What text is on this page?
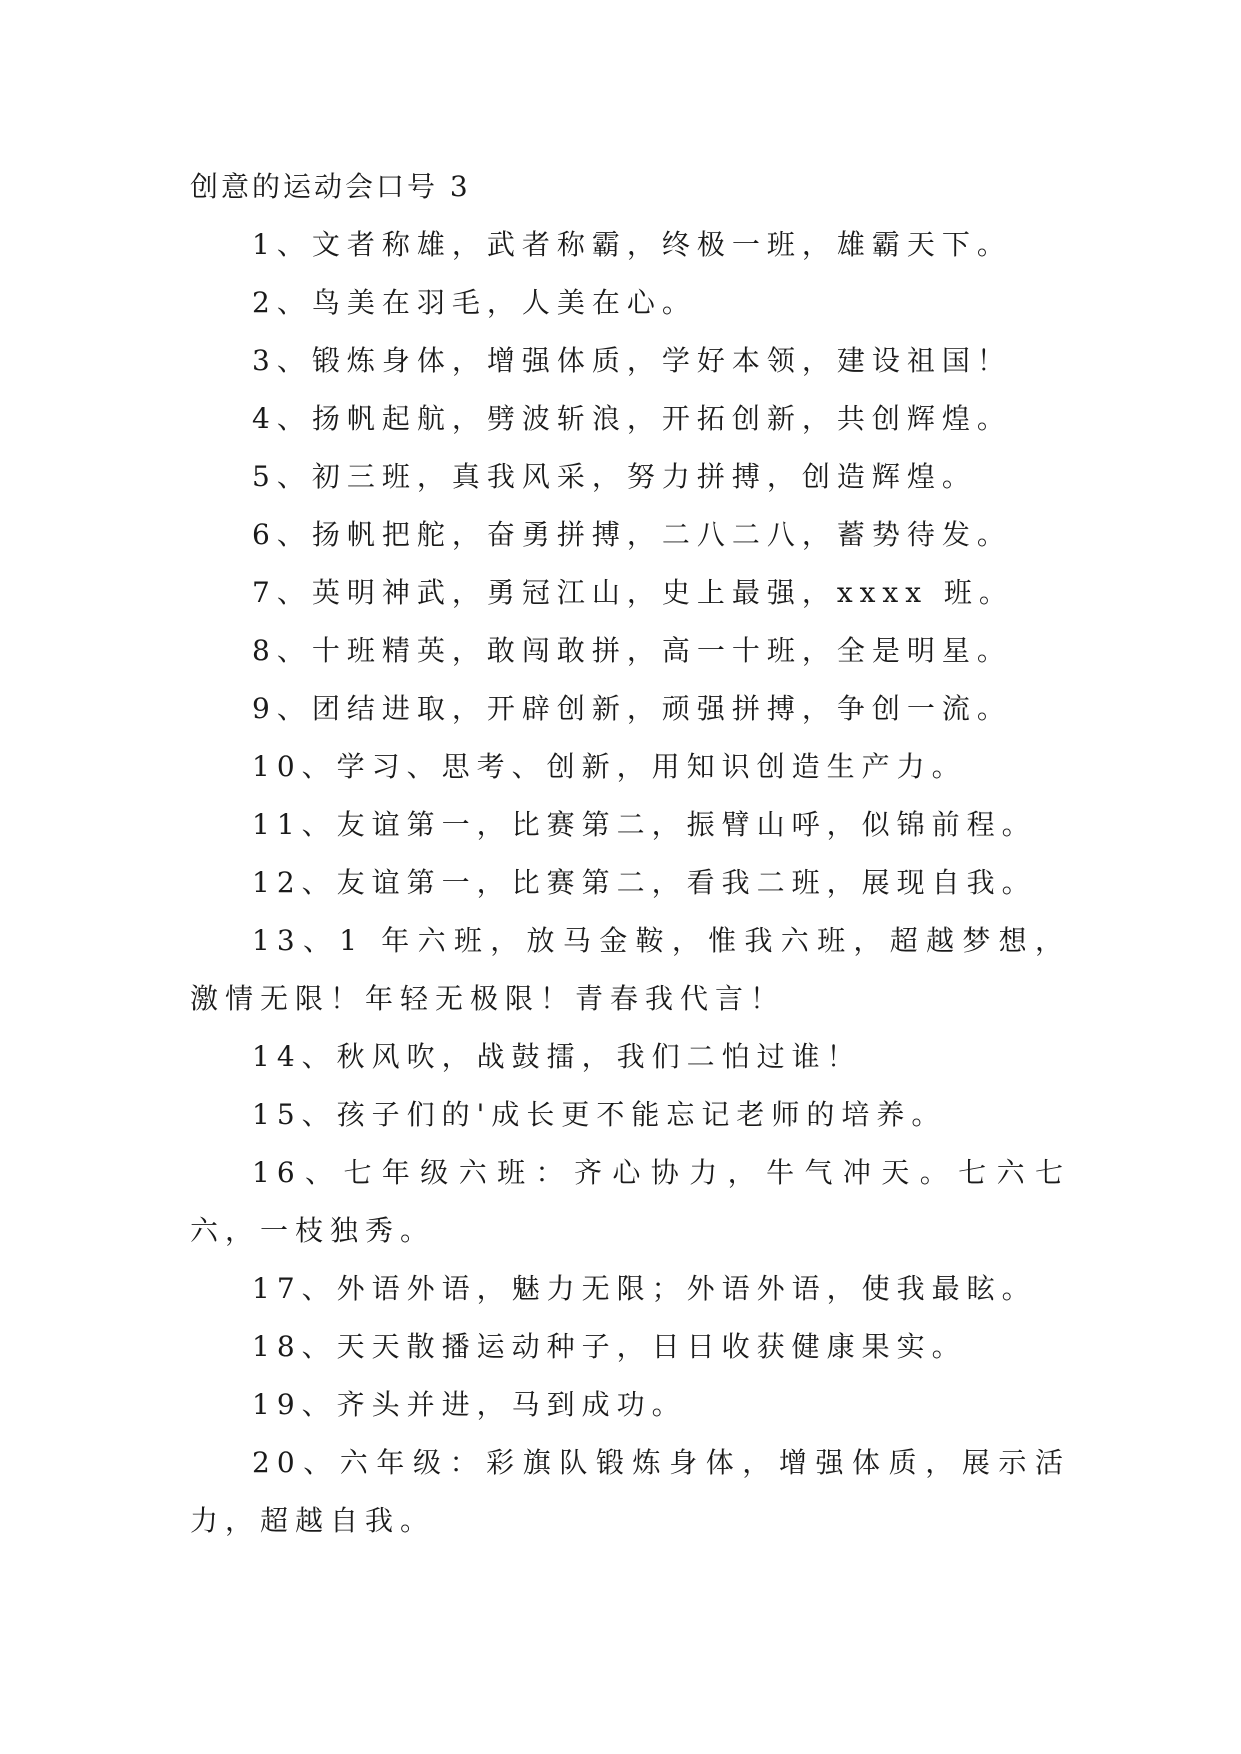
创意的运动会口号 3

1、文者称雄，武者称霸，终极一班，雄霸天下。

2、鸟美在羽毛，人美在心。

3、锻炼身体，增强体质，学好本领，建设祖国！

4、扬帆起航，劈波斩浪，开拓创新，共创辉煌。

5、初三班，真我风采，努力拼搏，创造辉煌。

6、扬帆把舵，奋勇拼搏，二八二八，蓄势待发。

7、英明神武，勇冠江山，史上最强，xxxx 班。

8、十班精英，敢闯敢拼，高一十班，全是明星。

9、团结进取，开辟创新，顽强拼搏，争创一流。

10、学习、思考、创新，用知识创造生产力。

11、友谊第一，比赛第二，振臂山呼，似锦前程。

12、友谊第一，比赛第二，看我二班，展现自我。

13、1 年六班，放马金鞍，惟我六班，超越梦想，激情无限！年轻无极限！青春我代言！

14、秋风吹，战鼓擂，我们二怕过谁！

15、孩子们的'成长更不能忘记老师的培养。

16、七年级六班：齐心协力，牛气冲天。七六七六，一枝独秀。

17、外语外语，魅力无限；外语外语，使我最眩。

18、天天散播运动种子，日日收获健康果实。

19、齐头并进，马到成功。

20、六年级：彩旗队锻炼身体，增强体质，展示活力，超越自我。
